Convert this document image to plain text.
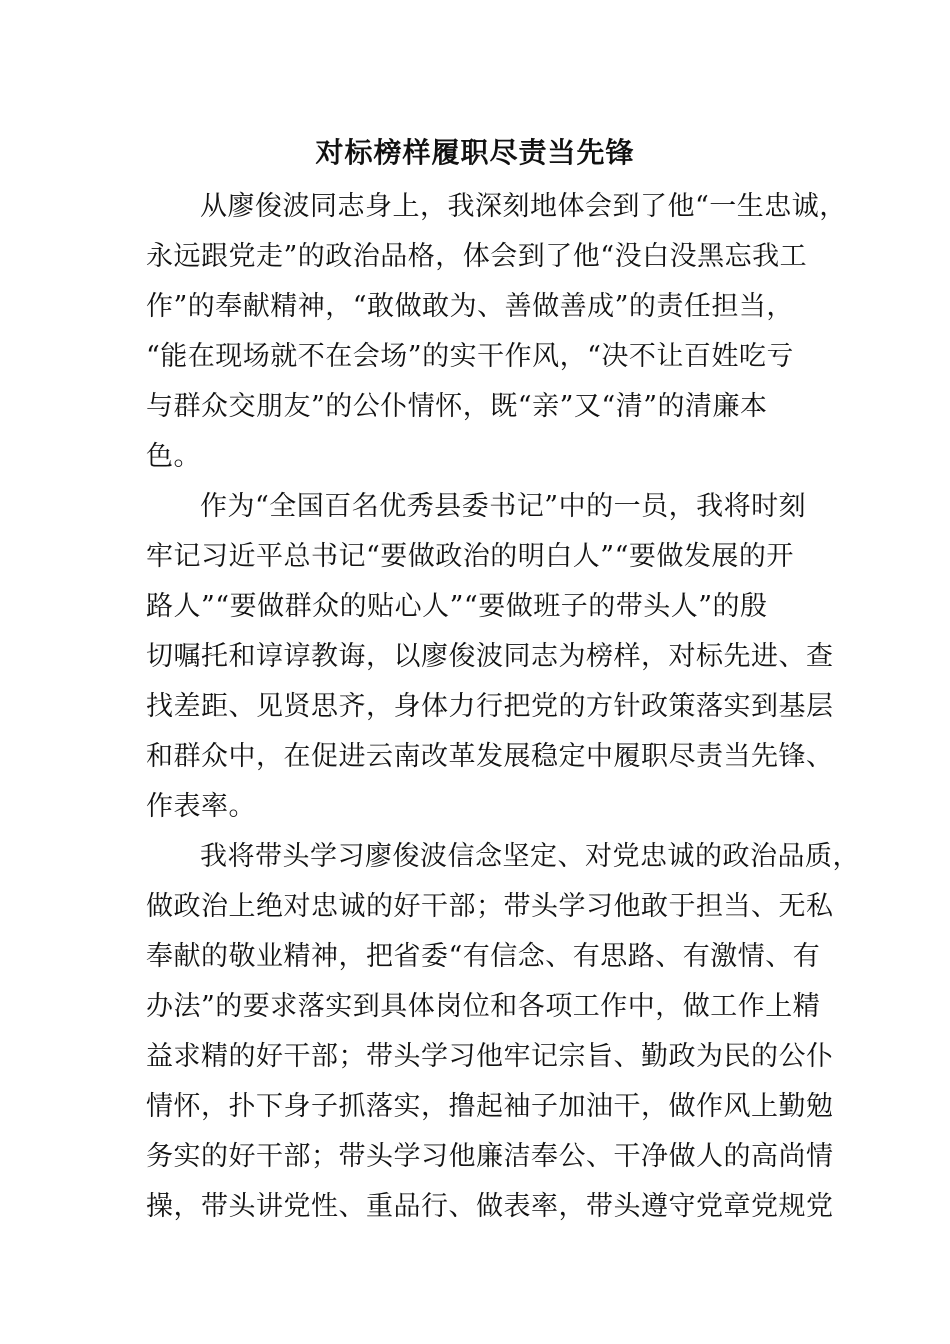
对标榜样履职尽责当先锋
从廖俊波同志身上，我深刻地体会到了他“一生忠诚，
永远跟党走”的政治品格，体会到了他“没白没黑忘我工
作”的奉献精神，“敢做敢为、善做善成”的责任担当，
“能在现场就不在会场”的实干作风，“决不让百姓吃亏
与群众交朋友”的公仆情怀，既“亲”又“清”的清廉本
色。
作为“全国百名优秀县委书记”中的一员，我将时刻
牢记习近平总书记“要做政治的明白人”“要做发展的开
路人”“要做群众的贴心人”“要做班子的带头人”的殷
切嘱托和谆谆教诲，以廖俊波同志为榜样，对标先进、查
找差距、见贤思齐，身体力行把党的方针政策落实到基层
和群众中，在促进云南改革发展稳定中履职尽责当先锋、
作表率。
我将带头学习廖俊波信念坚定、对党忠诚的政治品质，
做政治上绝对忠诚的好干部；带头学习他敢于担当、无私
奉献的敬业精神，把省委“有信念、有思路、有激情、有
办法”的要求落实到具体岗位和各项工作中，做工作上精
益求精的好干部；带头学习他牢记宗旨、勤政为民的公仆
情怀，扑下身子抓落实，撸起袖子加油干，做作风上勤勉
务实的好干部；带头学习他廉洁奉公、干净做人的高尚情
操，带头讲党性、重品行、做表率，带头遵守党章党规党
